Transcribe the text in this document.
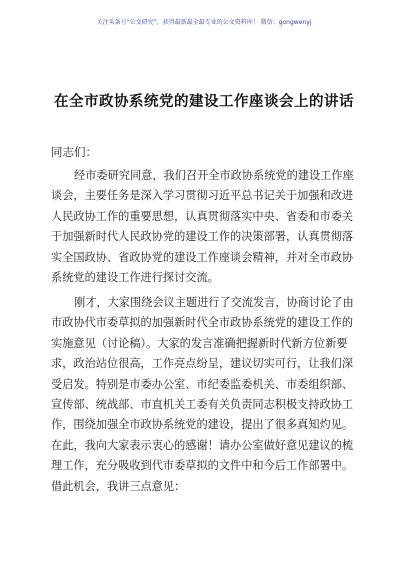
关注头条号“公文研究”，获得最新最全最专业的公文资料库！ 微信：gongwenyj
在全市政协系统党的建设工作座谈会上的讲话
同志们：
经市委研究同意，我们召开全市政协系统党的建设工作座
谈会，主要任务是深入学习贯彻习近平总书记关于加强和改进
人民政协工作的重要思想，认真贯彻落实中央、省委和市委关
于加强新时代人民政协党的建设工作的决策部署，认真贯彻落
实全国政协、省政协党的建设工作座谈会精神，并对全市政协
系统党的建设工作进行探讨交流。
刚才，大家围绕会议主题进行了交流发言，协商讨论了由
市政协代市委草拟的加强新时代全市政协系统党的建设工作的
实施意见（讨论稿）。大家的发言准确把握新时代新方位新要
求，政治站位很高，工作亮点纷呈，建议切实可行，让我们深
受启发。特别是市委办公室、市纪委监委机关、市委组织部、
宣传部、统战部、市直机关工委有关负责同志积极支持政协工
作，围绕加强全市政协系统党的建设，提出了很多真知灼见。
在此，我向大家表示衷心的感谢！请办公室做好意见建议的梳
理工作，充分吸收到代市委草拟的文件中和今后工作部署中。
借此机会，我讲三点意见：
